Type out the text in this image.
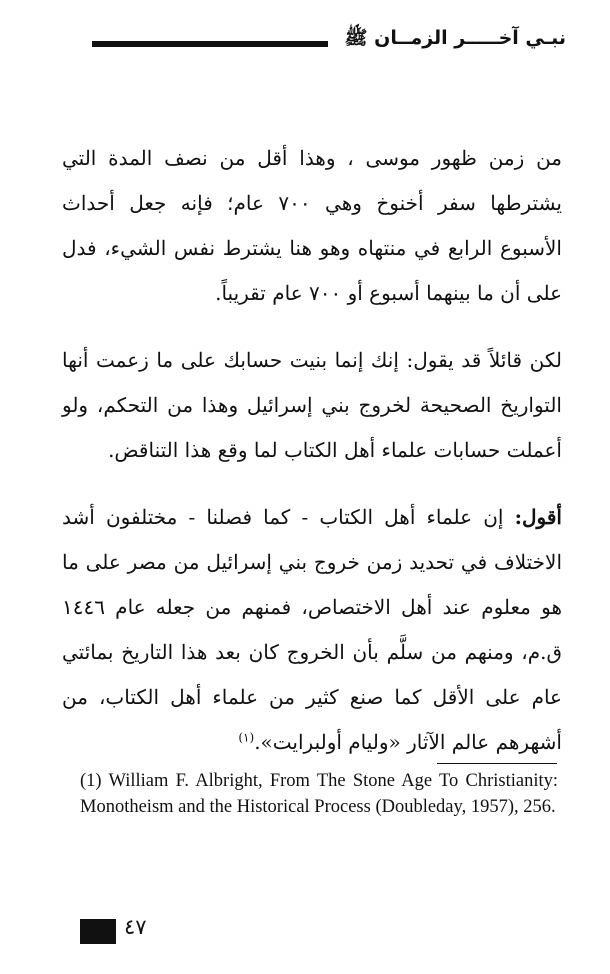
نبـي آخـــــر الزمــان ﷺ

من زمن ظهور موسى ، وهذا أقل من نصف المدة التي يشترطها سفر أخنوخ وهي ٧٠٠ عام؛ فإنه جعل أحداث الأسبوع الرابع في منتهاه وهو هنا يشترط نفس الشيء، فدل على أن ما بينهما أسبوع أو ٧٠٠ عام تقريباً.

لكن قائلاً قد يقول: إنك إنما بنيت حسابك على ما زعمت أنها التواريخ الصحيحة لخروج بني إسرائيل وهذا من التحكم، ولو أعملت حسابات علماء أهل الكتاب لما وقع هذا التناقض.

أقول: إن علماء أهل الكتاب - كما فصلنا - مختلفون أشد الاختلاف في تحديد زمن خروج بني إسرائيل من مصر على ما هو معلوم عند أهل الاختصاص، فمنهم من جعله عام ١٤٤٦ ق.م، ومنهم من سلَّم بأن الخروج كان بعد هذا التاريخ بمائتي عام على الأقل كما صنع كثير من علماء أهل الكتاب، من أشهرهم عالم الآثار «وليام أولبرايت».$^{(١)}$

(1) William F. Albright, From The Stone Age To Christianity: Monotheism and the Historical Process (Doubleday, 1957), 256.
٤٧
